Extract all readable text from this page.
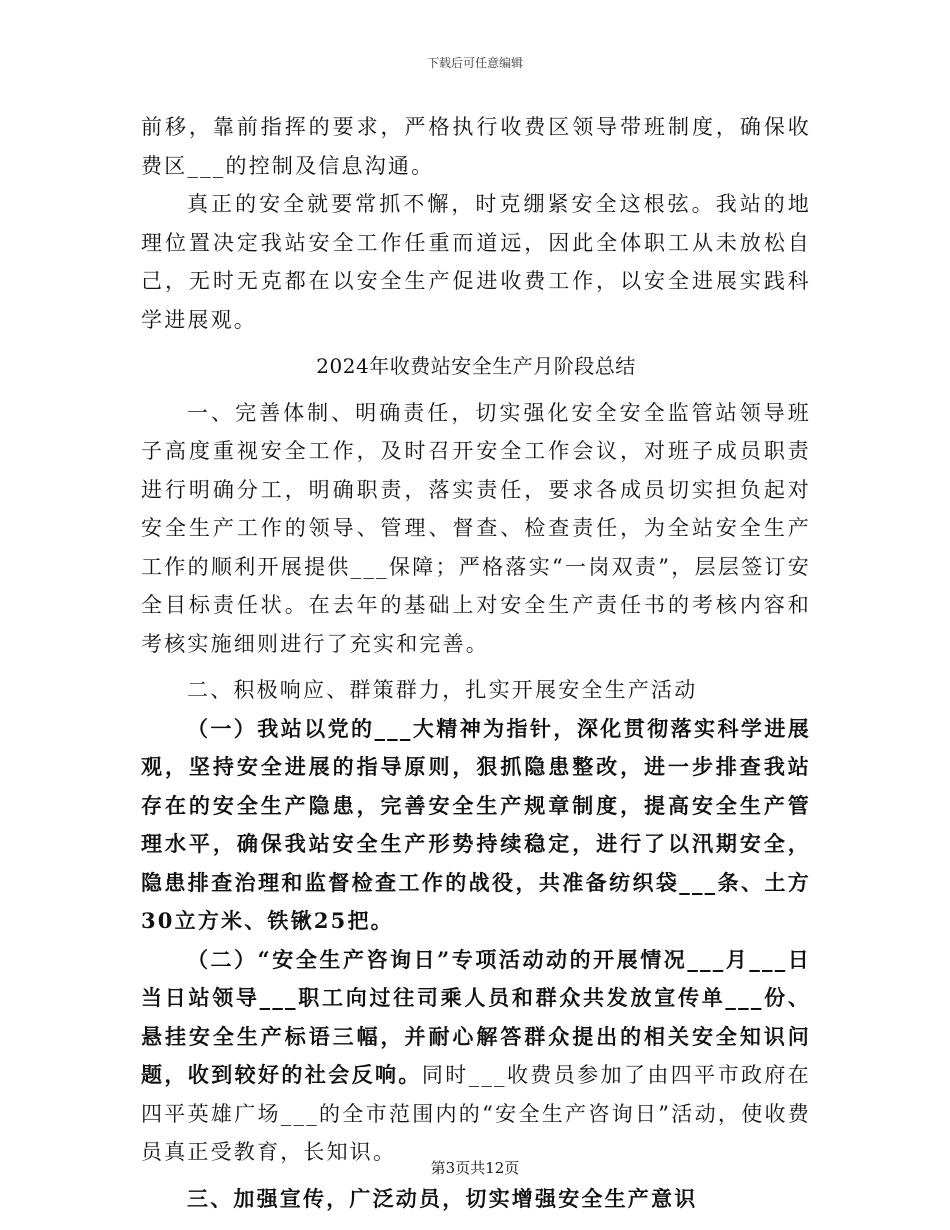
下载后可任意编辑

前移，靠前指挥的要求，严格执行收费区领导带班制度，确保收费区___的控制及信息沟通。

真正的安全就要常抓不懈，时克绷紧安全这根弦。我站的地理位置决定我站安全工作任重而道远，因此全体职工从未放松自己，无时无克都在以安全生产促进收费工作，以安全进展实践科学进展观。

2024年收费站安全生产月阶段总结

一、完善体制、明确责任，切实强化安全安全监管站领导班子高度重视安全工作，及时召开安全工作会议，对班子成员职责进行明确分工，明确职责，落实责任，要求各成员切实担负起对安全生产工作的领导、管理、督查、检查责任，为全站安全生产工作的顺利开展提供___保障；严格落实“一岗双责”，层层签订安全目标责任状。在去年的基础上对安全生产责任书的考核内容和考核实施细则进行了充实和完善。

二、积极响应、群策群力，扎实开展安全生产活动

（一）我站以党的___大精神为指针，深化贯彻落实科学进展观，坚持安全进展的指导原则，狠抓隐患整改，进一步排查我站存在的安全生产隐患，完善安全生产规章制度，提高安全生产管理水平，确保我站安全生产形势持续稳定，进行了以汛期安全，隐患排查治理和监督检查工作的战役，共准备纺织袋___条、土方30立方米、铁锹25把。

（二）“安全生产咨询日”专项活动动的开展情况___月___日当日站领导___职工向过往司乘人员和群众共发放宣传单___份、悬挂安全生产标语三幅，并耐心解答群众提出的相关安全知识问题，收到较好的社会反响。同时___收费员参加了由四平市政府在四平英雄广场___的全市范围内的“安全生产咨询日”活动，使收费员真正受教育，长知识。

三、加强宣传，广泛动员，切实增强安全生产意识

第3页共12页
